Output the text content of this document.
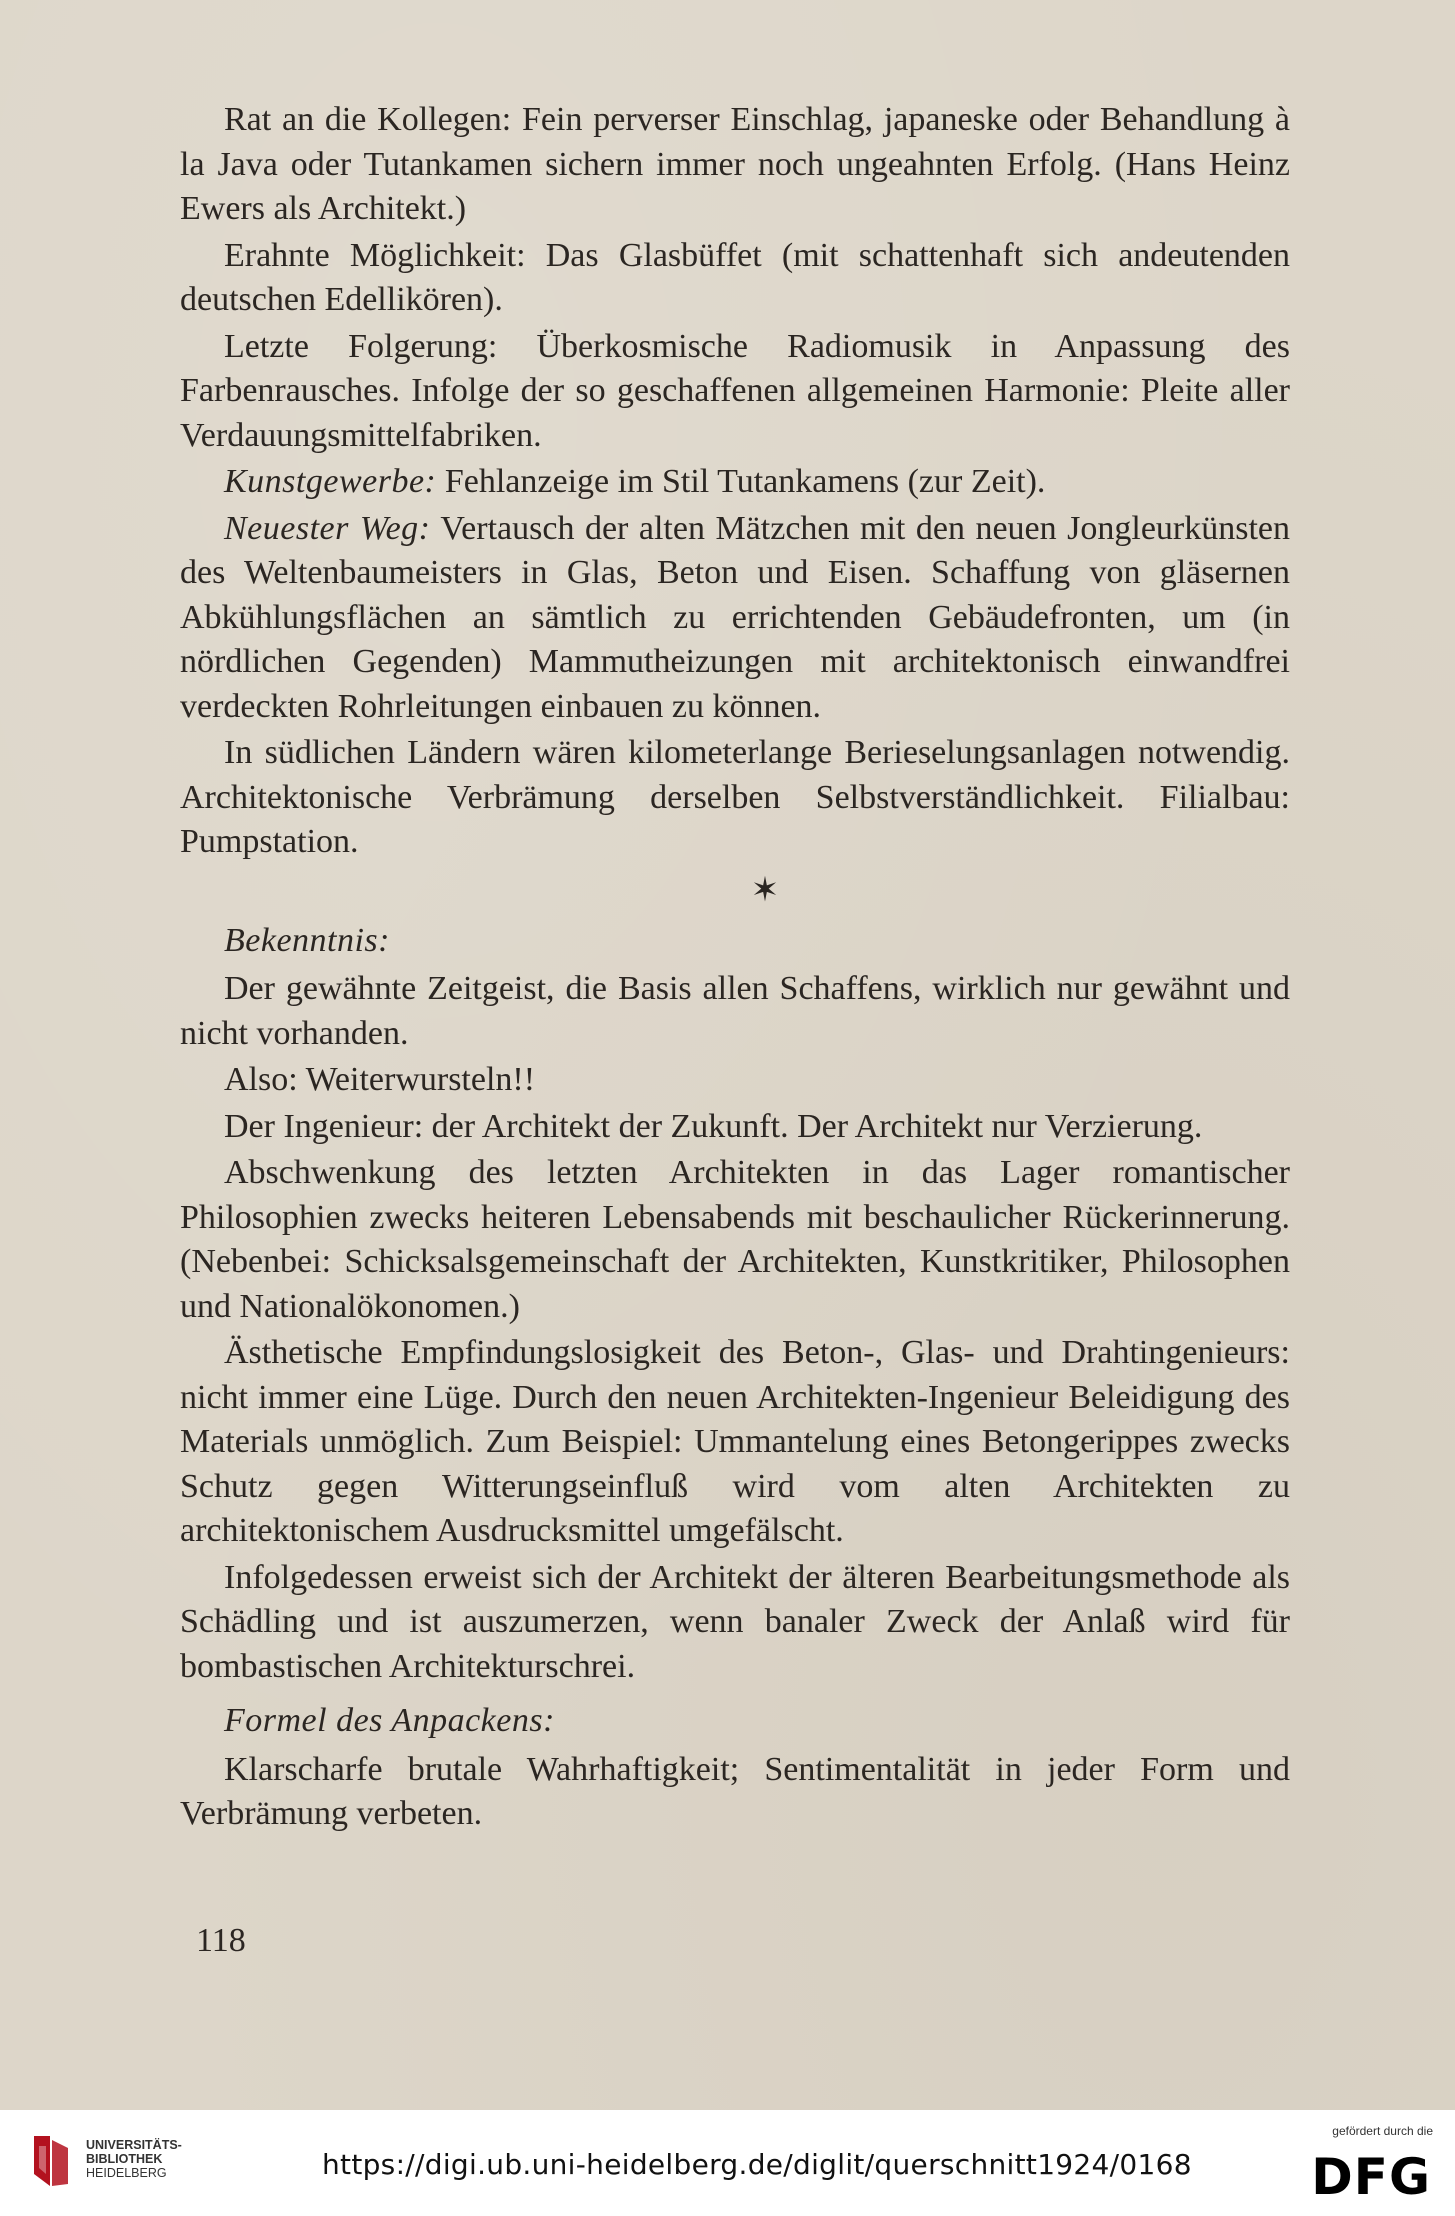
Rat an die Kollegen: Fein perverser Einschlag, japaneske oder Behandlung à la Java oder Tutankamen sichern immer noch ungeahnten Erfolg. (Hans Heinz Ewers als Architekt.)

Erahnte Möglichkeit: Das Glasbüffet (mit schattenhaft sich andeutenden deutschen Edellikören).

Letzte Folgerung: Überkosmische Radiomusik in Anpassung des Farbenrausches. Infolge der so geschaffenen allgemeinen Harmonie: Pleite aller Verdauungsmittelfabriken.

Kunstgewerbe: Fehlanzeige im Stil Tutankamens (zur Zeit).

Neuester Weg: Vertausch der alten Mätzchen mit den neuen Jongleurkünsten des Weltenbaumeisters in Glas, Beton und Eisen. Schaffung von gläsernen Abkühlungsflächen an sämtlich zu errichtenden Gebäudefronten, um (in nördlichen Gegenden) Mammutheizungen mit architektonisch einwandfrei verdeckten Rohrleitungen einbauen zu können.

In südlichen Ländern wären kilometerlange Berieselungsanlagen notwendig. Architektonische Verbrämung derselben Selbstverständlichkeit. Filialbau: Pumpstation.

✶

Bekenntnis:

Der gewähnte Zeitgeist, die Basis allen Schaffens, wirklich nur gewähnt und nicht vorhanden.

Also: Weiterwursteln!!

Der Ingenieur: der Architekt der Zukunft. Der Architekt nur Verzierung.

Abschwenkung des letzten Architekten in das Lager romantischer Philosophien zwecks heiteren Lebensabends mit beschaulicher Rückerinnerung. (Nebenbei: Schicksalsgemeinschaft der Architekten, Kunstkritiker, Philosophen und Nationalökonomen.)

Ästhetische Empfindungslosigkeit des Beton-, Glas- und Drahtingenieurs: nicht immer eine Lüge. Durch den neuen Architekten-Ingenieur Beleidigung des Materials unmöglich. Zum Beispiel: Ummantelung eines Betongerippes zwecks Schutz gegen Witterungseinfluß wird vom alten Architekten zu architektonischem Ausdrucksmittel umgefälscht.

Infolgedessen erweist sich der Architekt der älteren Bearbeitungsmethode als Schädling und ist auszumerzen, wenn banaler Zweck der Anlaß wird für bombastischen Architekturschrei.

Formel des Anpackens:

Klarscharfe brutale Wahrhaftigkeit; Sentimentalität in jeder Form und Verbrämung verbeten.

118
UNIVERSITÄTS-
BIBLIOTHEK
HEIDELBERG	https://digi.ub.uni-heidelberg.de/diglit/querschnitt1924/0168
gefördert durch die
DFG
